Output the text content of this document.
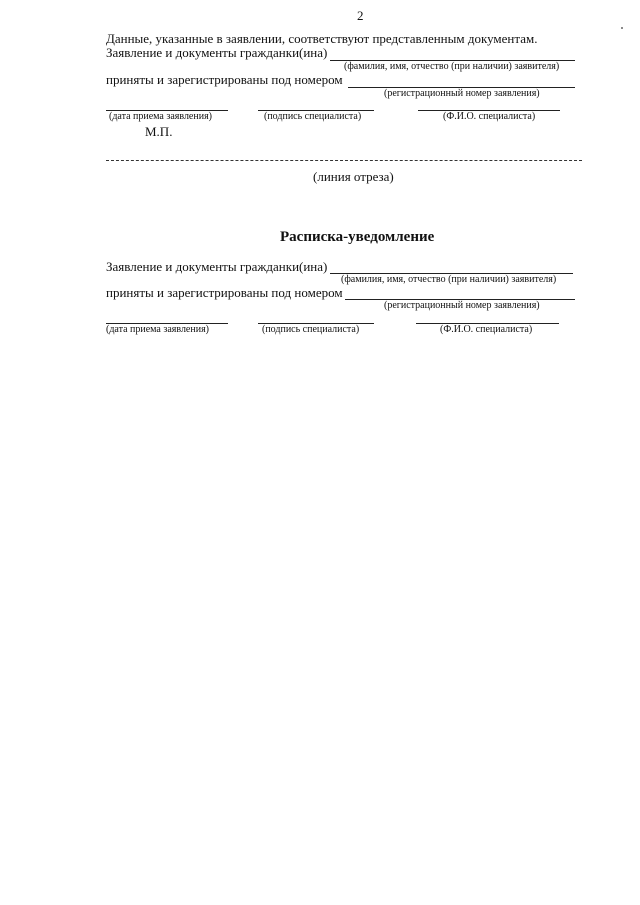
2
Данные, указанные в заявлении, соответствуют представленным документам.
Заявление и документы гражданки(ина)
(фамилия, имя, отчество (при наличии) заявителя)
приняты и зарегистрированы под номером
(регистрационный номер заявления)
(дата приема заявления)	(подпись специалиста)	(Ф.И.О. специалиста)
М.П.
(линия отреза)
Расписка-уведомление
Заявление и документы гражданки(ина)
(фамилия, имя, отчество (при наличии) заявителя)
приняты и зарегистрированы под номером
(регистрационный номер заявления)
(дата приема заявления)	(подпись специалиста)	(Ф.И.О. специалиста)
